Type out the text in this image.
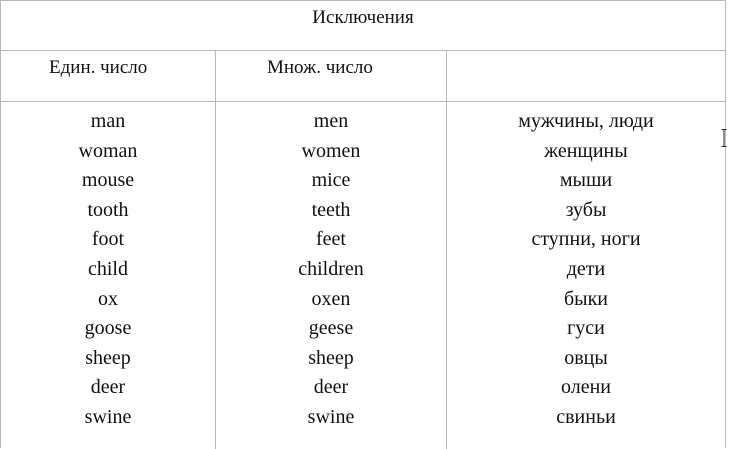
Исключения
Един. число	Множ. число
man
woman
mouse
tooth
foot
child
ox
goose
sheep
deer
swine
men
women
mice
teeth
feet
children
oxen
geese
sheep
deer
swine
мужчины, люди
женщины
мыши
зубы
ступни, ноги
дети
быки
гуси
овцы
олени
свиньи
